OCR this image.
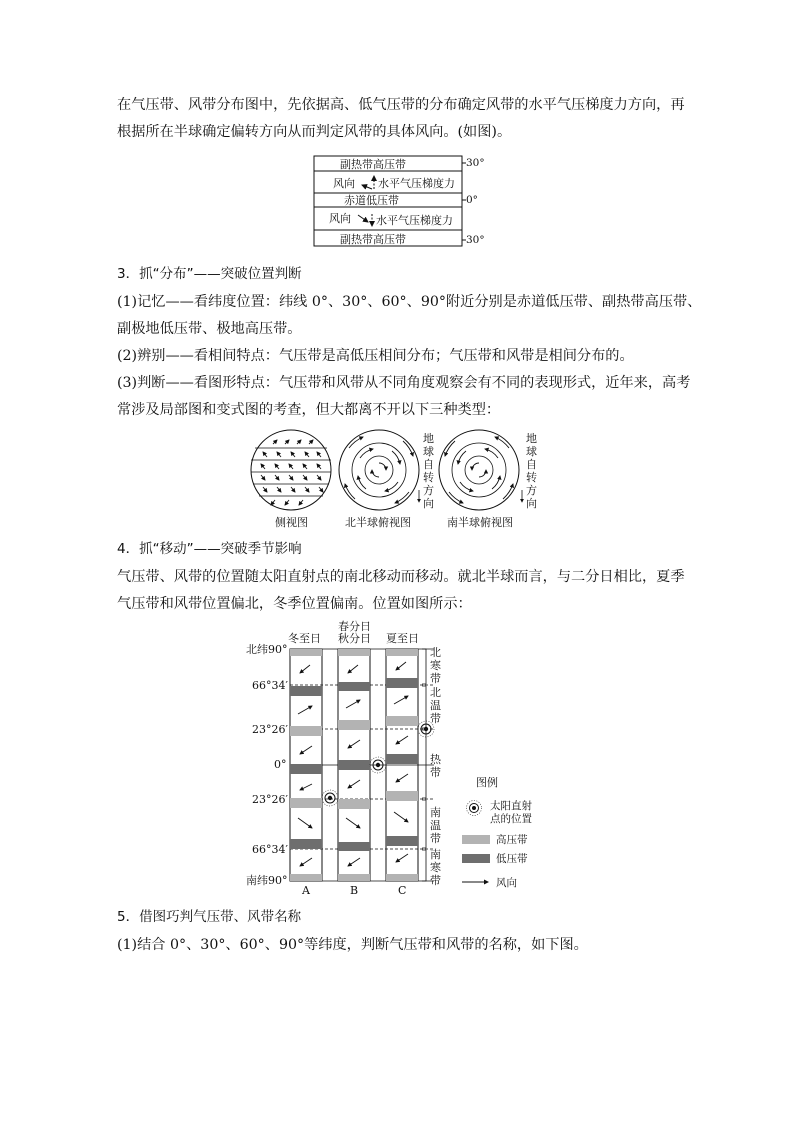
在气压带、风带分布图中，先依据高、低气压带的分布确定风带的水平气压梯度力方向，再
根据所在半球确定偏转方向从而判定风带的具体风向。(如图)。
副热带高压带
风向 水平气压梯度力
赤道低压带
风向 水平气压梯度力
副热带高压带
30°
0°
30°
3．抓“分布”——突破位置判断
(1)记忆——看纬度位置：纬线 0°、30°、60°、90°附近分别是赤道低压带、副热带高压带、
副极地低压带、极地高压带。
(2)辨别——看相间特点：气压带是高低压相间分布；气压带和风带是相间分布的。
(3)判断——看图形特点：气压带和风带从不同角度观察会有不同的表现形式，近年来，高考
常涉及局部图和变式图的考查，但大都离不开以下三种类型：
地
球
自
转
方
向
地
球
自
转
方
向
侧视图	北半球俯视图	南半球俯视图
4．抓“移动”——突破季节影响
气压带、风带的位置随太阳直射点的南北移动而移动。就北半球而言，与二分日相比，夏季
气压带和风带位置偏北，冬季位置偏南。位置如图所示：
冬至日
春分日
秋分日 夏至日
北纬90°
66°34′
23°26′
0°
23°26′
66°34′
南纬90°
北
寒
带
北
温
带
热
带
南
温
带
南
寒
带
A	B	C
图例
太阳直射
点的位置
高压带
低压带
风向
5．借图巧判气压带、风带名称
(1)结合 0°、30°、60°、90°等纬度，判断气压带和风带的名称，如下图。
